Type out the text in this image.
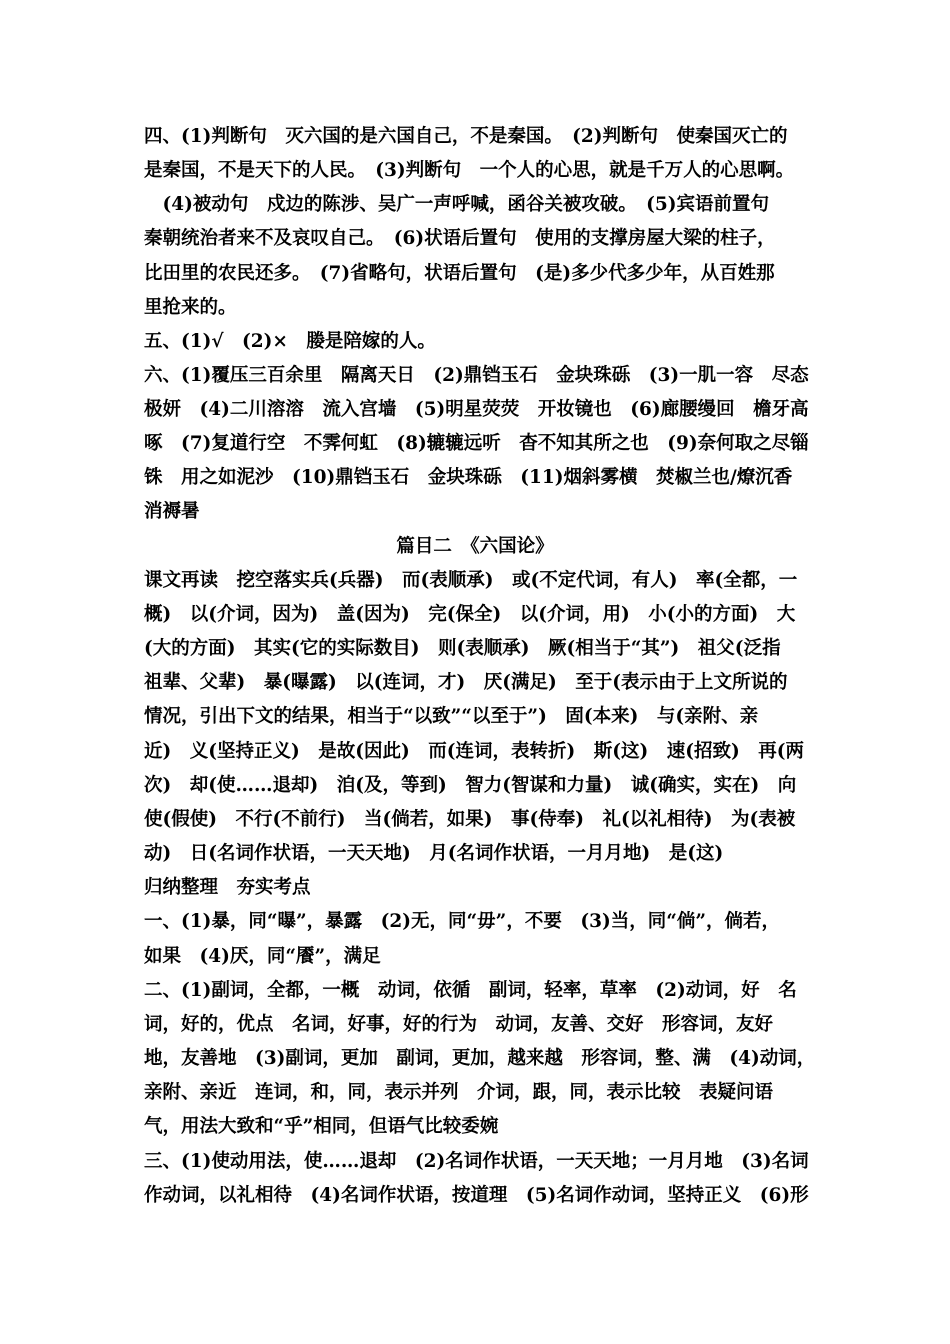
四、(1)判断句　灭六国的是六国自己，不是秦国。　(2)判断句　使秦国灭亡的
是秦国，不是天下的人民。　(3)判断句　一个人的心思，就是千万人的心思啊。
　(4)被动句　戍边的陈涉、吴广一声呼喊，函谷关被攻破。　(5)宾语前置句
秦朝统治者来不及哀叹自己。　(6)状语后置句　使用的支撑房屋大梁的柱子，
比田里的农民还多。　(7)省略句，状语后置句　(是)多少代多少年，从百姓那
里抢来的。
五、(1)√　(2)×　媵是陪嫁的人。
六、(1)覆压三百余里　隔离天日　(2)鼎铛玉石　金块珠砾　(3)一肌一容　尽态
极妍　(4)二川溶溶　流入宫墙　(5)明星荧荧　开妆镜也　(6)廊腰缦回　檐牙高
啄　(7)复道行空　不霁何虹　(8)辘辘远听　杳不知其所之也　(9)奈何取之尽锱
铢　用之如泥沙　(10)鼎铛玉石　金块珠砾　(11)烟斜雾横　焚椒兰也/燎沉香
消褥暑
篇目二　《六国论》
课文再读　挖空落实兵(兵器)　而(表顺承)　或(不定代词，有人)　率(全都，一
概)　以(介词，因为)　盖(因为)　完(保全)　以(介词，用)　小(小的方面)　大
(大的方面)　其实(它的实际数目)　则(表顺承)　厥(相当于“其”)　祖父(泛指
祖辈、父辈)　暴(曝露)　以(连词，才)　厌(满足)　至于(表示由于上文所说的
情况，引出下文的结果，相当于“以致”“以至于”)　固(本来)　与(亲附、亲
近)　义(坚持正义)　是故(因此)　而(连词，表转折)　斯(这)　速(招致)　再(两
次)　却(使……退却)　洎(及，等到)　智力(智谋和力量)　诚(确实，实在)　向
使(假使)　不行(不前行)　当(倘若，如果)　事(侍奉)　礼(以礼相待)　为(表被
动)　日(名词作状语，一天天地)　月(名词作状语，一月月地)　是(这)
归纳整理　夯实考点
一、(1)暴，同“曝”，暴露　(2)无，同“毋”，不要　(3)当，同“倘”，倘若，
如果　(4)厌，同“餍”，满足
二、(1)副词，全都，一概　动词，依循　副词，轻率，草率　(2)动词，好　名
词，好的，优点　名词，好事，好的行为　动词，友善、交好　形容词，友好
地，友善地　(3)副词，更加　副词，更加，越来越　形容词，整、满　(4)动词，
亲附、亲近　连词，和，同，表示并列　介词，跟，同，表示比较　表疑问语
气，用法大致和“乎”相同，但语气比较委婉
三、(1)使动用法，使……退却　(2)名词作状语，一天天地；一月月地　(3)名词
作动词，以礼相待　(4)名词作状语，按道理　(5)名词作动词，坚持正义　(6)形
